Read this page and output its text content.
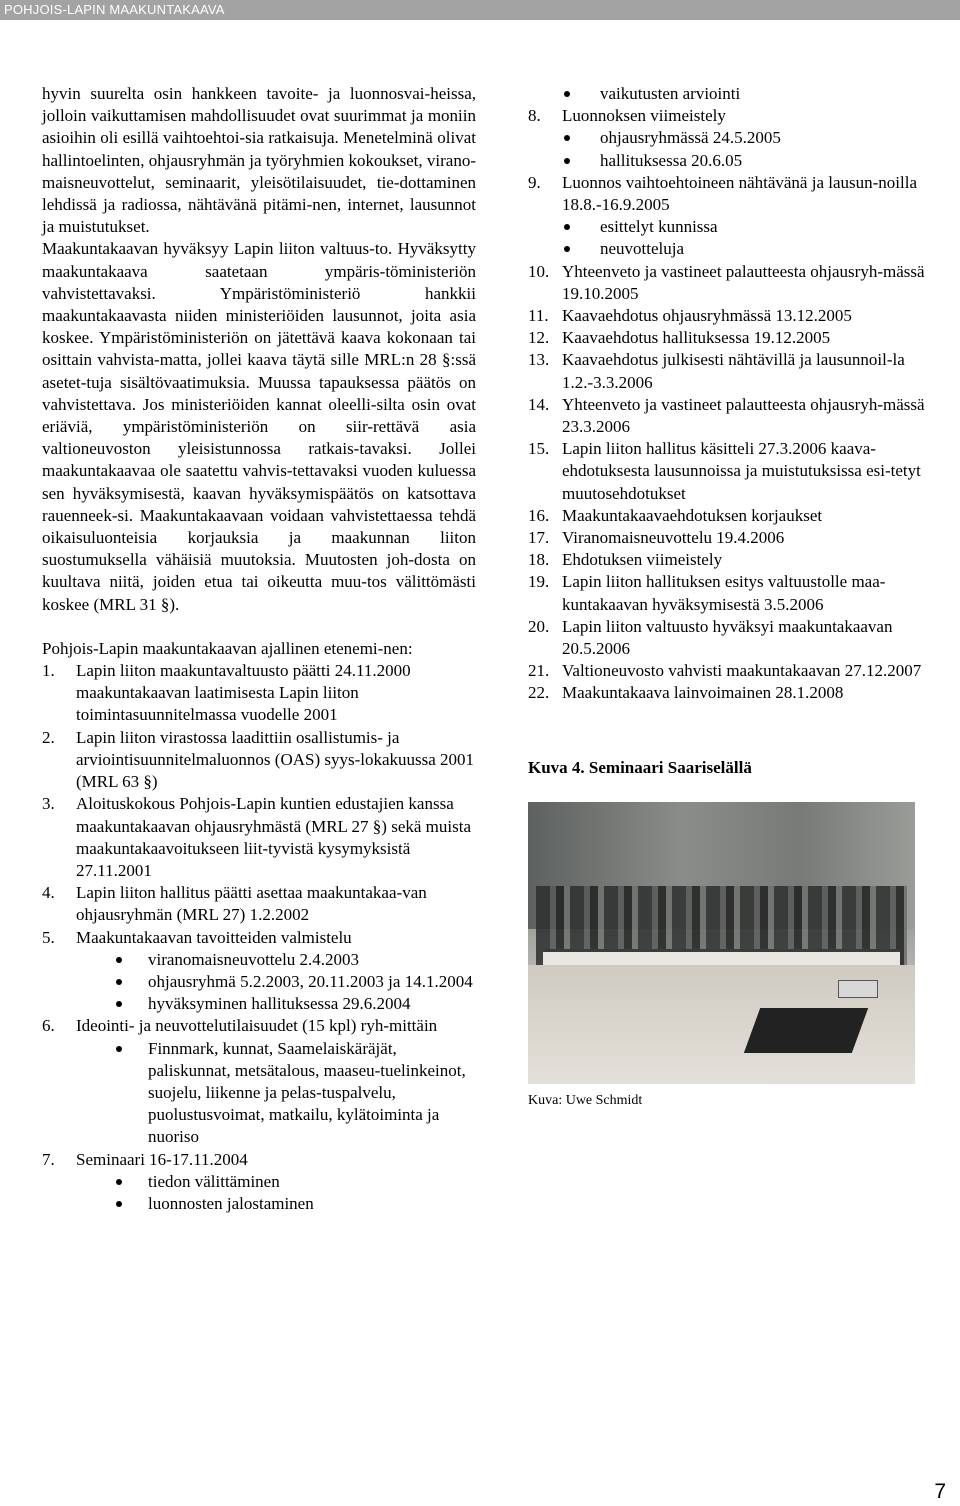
POHJOIS-LAPIN MAAKUNTAKAAVA

hyvin suurelta osin hankkeen tavoite- ja luonnosvai-heissa, jolloin vaikuttamisen mahdollisuudet ovat suurimmat ja moniin asioihin oli esillä vaihtoehtoi-sia ratkaisuja. Menetelminä olivat hallintoelinten, ohjausryhmän ja työryhmien kokoukset, virano-maisneuvottelut, seminaarit, yleisötilaisuudet, tie-dottaminen lehdissä ja radiossa, nähtävänä pitämi-nen, internet, lausunnot ja muistutukset.

Maakuntakaavan hyväksyy Lapin liiton valtuus-to. Hyväksytty maakuntakaava saatetaan ympäris-töministeriön vahvistettavaksi. Ympäristöministeriö hankkii maakuntakaavasta niiden ministeriöiden lausunnot, joita asia koskee. Ympäristöministeriön on jätettävä kaava kokonaan tai osittain vahvista-matta, jollei kaava täytä sille MRL:n 28 §:ssä asetet-tuja sisältövaatimuksia. Muussa tapauksessa päätös on vahvistettava. Jos ministeriöiden kannat oleelli-silta osin ovat eriäviä, ympäristöministeriön on siir-rettävä asia valtioneuvoston yleisistunnossa ratkais-tavaksi. Jollei maakuntakaavaa ole saatettu vahvis-tettavaksi vuoden kuluessa sen hyväksymisestä, kaavan hyväksymispäätös on katsottava rauenneek-si. Maakuntakaavaan voidaan vahvistettaessa tehdä oikaisuluonteisia korjauksia ja maakunnan liiton suostumuksella vähäisiä muutoksia. Muutosten joh-dosta on kuultava niitä, joiden etua tai oikeutta muu-tos välittömästi koskee (MRL 31 §).

Pohjois-Lapin maakuntakaavan ajallinen etenemi-nen:

1. Lapin liiton maakuntavaltuusto päätti 24.11.2000 maakuntakaavan laatimisesta Lapin liiton toimintasuunnitelmassa vuodelle 2001
2. Lapin liiton virastossa laadittiin osallistumis- ja arviointisuunnitelmaluonnos (OAS) syys-lokakuussa 2001 (MRL 63 §)
3. Aloituskokous Pohjois-Lapin kuntien edustajien kanssa maakuntakaavan ohjausryhmästä (MRL 27 §) sekä muista maakuntakaavoitukseen liit-tyvistä kysymyksistä 27.11.2001
4. Lapin liiton hallitus päätti asettaa maakuntakaa-van ohjausryhmän (MRL 27) 1.2.2002
5. Maakuntakaavan tavoitteiden valmistelu
viranomaisneuvottelu 2.4.2003
ohjausryhmä 5.2.2003, 20.11.2003 ja 14.1.2004
hyväksyminen hallituksessa 29.6.2004
6. Ideointi- ja neuvottelutilaisuudet (15 kpl) ryh-mittäin
Finnmark, kunnat, Saamelaiskäräjät, paliskunnat, metsätalous, maaseu-tuelinkeinot, suojelu, liikenne ja pelas-tuspalvelu, puolustusvoimat, matkailu, kylätoiminta ja nuoriso
7. Seminaari 16-17.11.2004
tiedon välittäminen
luonnosten jalostaminen
vaikutusten arviointi
8. Luonnoksen viimeistely
ohjausryhmässä 24.5.2005
hallituksessa 20.6.05
9. Luonnos vaihtoehtoineen nähtävänä ja lausun-noilla 18.8.-16.9.2005
esittelyt kunnissa
neuvotteluja
10. Yhteenveto ja vastineet palautteesta ohjausryh-mässä 19.10.2005
11. Kaavaehdotus ohjausryhmässä 13.12.2005
12. Kaavaehdotus hallituksessa 19.12.2005
13. Kaavaehdotus julkisesti nähtävillä ja lausunnoil-la 1.2.-3.3.2006
14. Yhteenveto ja vastineet palautteesta ohjausryh-mässä 23.3.2006
15. Lapin liiton hallitus käsitteli 27.3.2006 kaava-ehdotuksesta lausunnoissa ja muistutuksissa esi-tetyt muutosehdotukset
16. Maakuntakaavaehdotuksen korjaukset
17. Viranomaisneuvottelu 19.4.2006
18. Ehdotuksen viimeistely
19. Lapin liiton hallituksen esitys valtuustolle maa-kuntakaavan hyväksymisestä 3.5.2006
20. Lapin liiton valtuusto hyväksyi maakuntakaavan 20.5.2006
21. Valtioneuvosto vahvisti maakuntakaavan 27.12.2007
22. Maakuntakaava lainvoimainen 28.1.2008
Kuva 4. Seminaari Saariselällä
Kuva: Uwe Schmidt
7
